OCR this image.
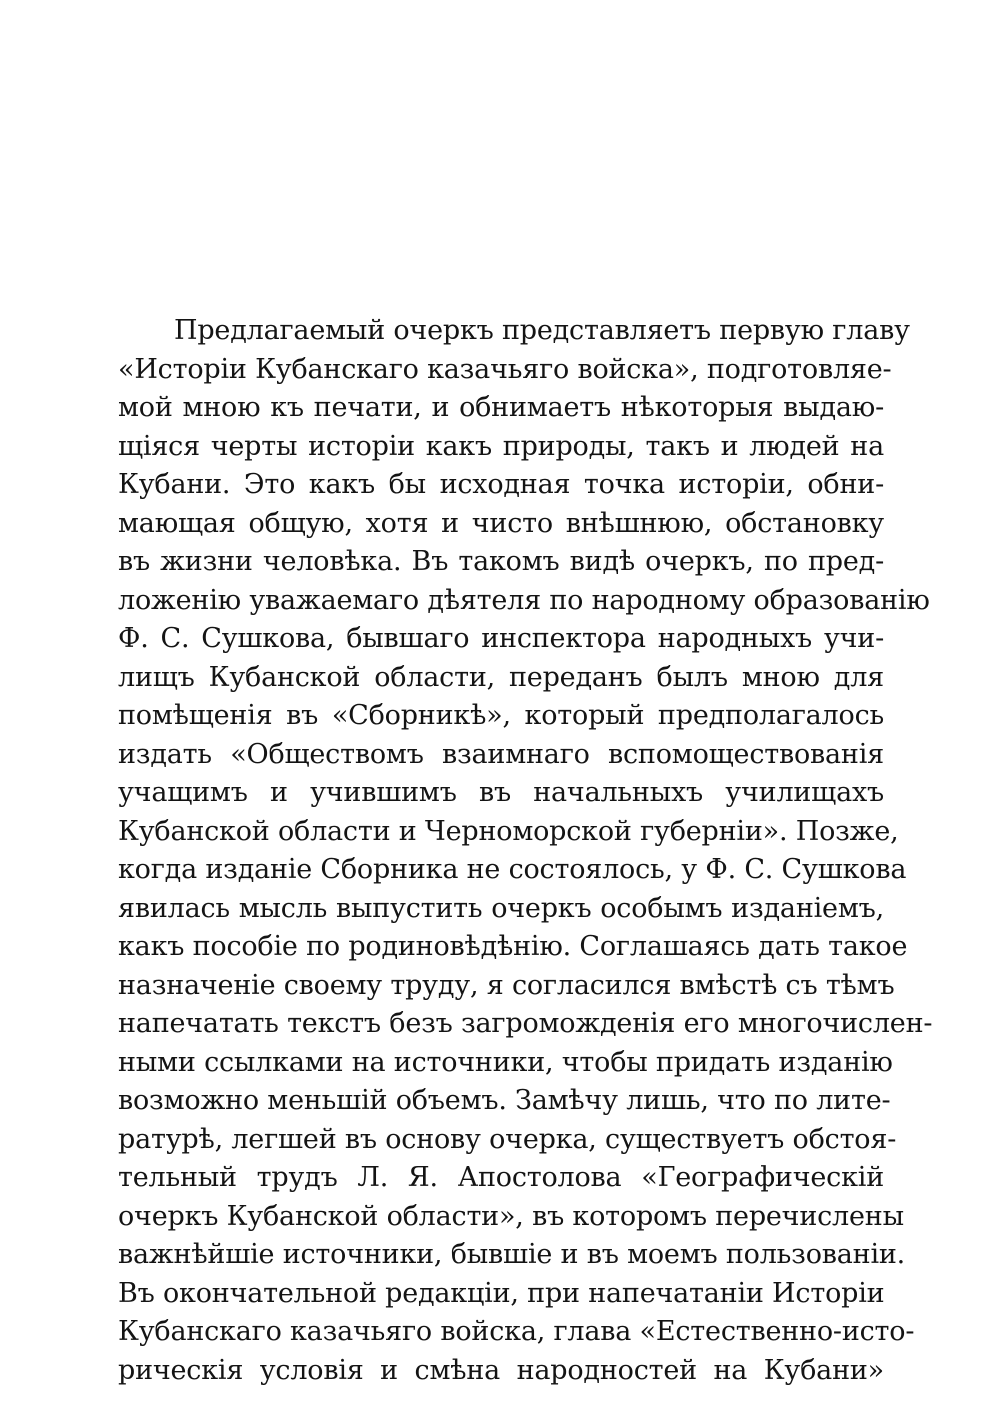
Предлагаемый очеркъ представляетъ первую главу
«Исторіи Кубанскаго казачьяго войска», подготовляе-
мой мною къ печати, и обнимаетъ нѣкоторыя выдаю-
щіяся черты исторіи какъ природы, такъ и людей на
Кубани. Это какъ бы исходная точка исторіи, обни-
мающая общую, хотя и чисто внѣшнюю, обстановку
въ жизни человѣка. Въ такомъ видѣ очеркъ, по пред-
ложенію уважаемаго дѣятеля по народному образованію
Ф. С. Сушкова, бывшаго инспектора народныхъ учи-
лищъ Кубанской области, переданъ былъ мною для
помѣщенія въ «Сборникѣ», который предполагалось
издать «Обществомъ взаимнаго вспомоществованія
учащимъ и учившимъ въ начальныхъ училищахъ
Кубанской области и Черноморской губерніи». Позже,
когда изданіе Сборника не состоялось, у Ф. С. Сушкова
явилась мысль выпустить очеркъ особымъ изданіемъ,
какъ пособіе по родиновѣдѣнію. Соглашаясь дать такое
назначеніе своему труду, я согласился вмѣстѣ съ тѣмъ
напечатать текстъ безъ загроможденія его многочислен-
ными ссылками на источники, чтобы придать изданію
возможно меньшій объемъ. Замѣчу лишь, что по лите-
ратурѣ, легшей въ основу очерка, существуетъ обстоя-
тельный трудъ Л. Я. Апостолова «Географическій
очеркъ Кубанской области», въ которомъ перечислены
важнѣйшіе источники, бывшіе и въ моемъ пользованіи.
Въ окончательной редакціи, при напечатаніи Исторіи
Кубанскаго казачьяго войска, глава «Естественно-исто-
рическія условія и смѣна народностей на Кубани»
